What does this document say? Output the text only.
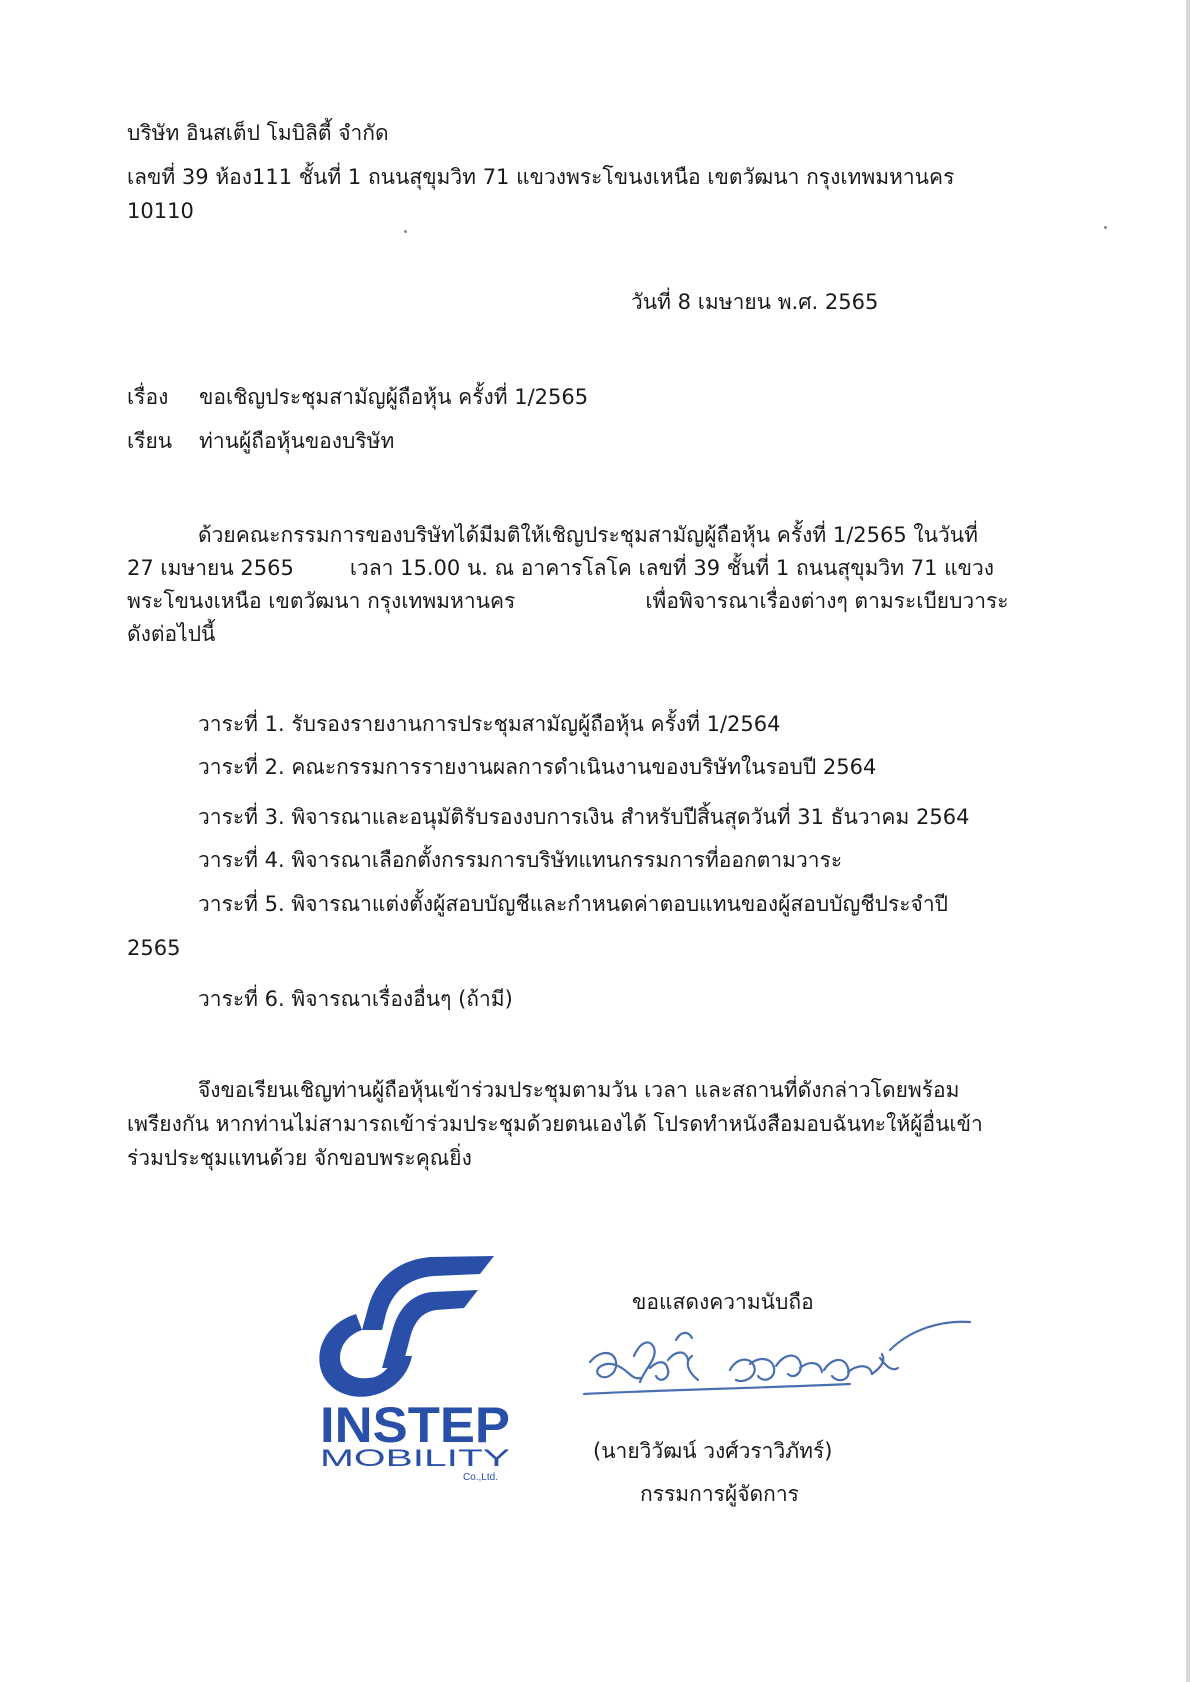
บริษัท อินสเต็ป โมบิลิตี้ จำกัด
เลขที่ 39 ห้อง111 ชั้นที่ 1 ถนนสุขุมวิท 71 แขวงพระโขนงเหนือ เขตวัฒนา กรุงเทพมหานคร
10110
วันที่ 8 เมษายน พ.ศ. 2565
เรื่อง ขอเชิญประชุมสามัญผู้ถือหุ้น ครั้งที่ 1/2565
เรียน ท่านผู้ถือหุ้นของบริษัท
ด้วยคณะกรรมการของบริษัทได้มีมติให้เชิญประชุมสามัญผู้ถือหุ้น ครั้งที่ 1/2565 ในวันที่
27 เมษายน 2565	เวลา 15.00 น. ณ อาคารโลโค เลขที่ 39 ชั้นที่ 1 ถนนสุขุมวิท 71 แขวง
พระโขนงเหนือ เขตวัฒนา กรุงเทพมหานคร	เพื่อพิจารณาเรื่องต่างๆ ตามระเบียบวาระ
ดังต่อไปนี้
วาระที่ 1. รับรองรายงานการประชุมสามัญผู้ถือหุ้น ครั้งที่ 1/2564
วาระที่ 2. คณะกรรมการรายงานผลการดำเนินงานของบริษัทในรอบปี 2564
วาระที่ 3. พิจารณาและอนุมัติรับรองงบการเงิน สำหรับปีสิ้นสุดวันที่ 31 ธันวาคม 2564
วาระที่ 4. พิจารณาเลือกตั้งกรรมการบริษัทแทนกรรมการที่ออกตามวาระ
วาระที่ 5. พิจารณาแต่งตั้งผู้สอบบัญชีและกำหนดค่าตอบแทนของผู้สอบบัญชีประจำปี
2565
วาระที่ 6. พิจารณาเรื่องอื่นๆ (ถ้ามี)
จึงขอเรียนเชิญท่านผู้ถือหุ้นเข้าร่วมประชุมตามวัน เวลา และสถานที่ดังกล่าวโดยพร้อม
เพรียงกัน หากท่านไม่สามารถเข้าร่วมประชุมด้วยตนเองได้ โปรดทำหนังสือมอบฉันทะให้ผู้อื่นเข้า
ร่วมประชุมแทนด้วย จักขอบพระคุณยิ่ง
INSTEP
MOBILITY
Co.,Ltd.
ขอแสดงความนับถือ
(นายวิวัฒน์ วงศ์วราวิภัทร์)
กรรมการผู้จัดการ
